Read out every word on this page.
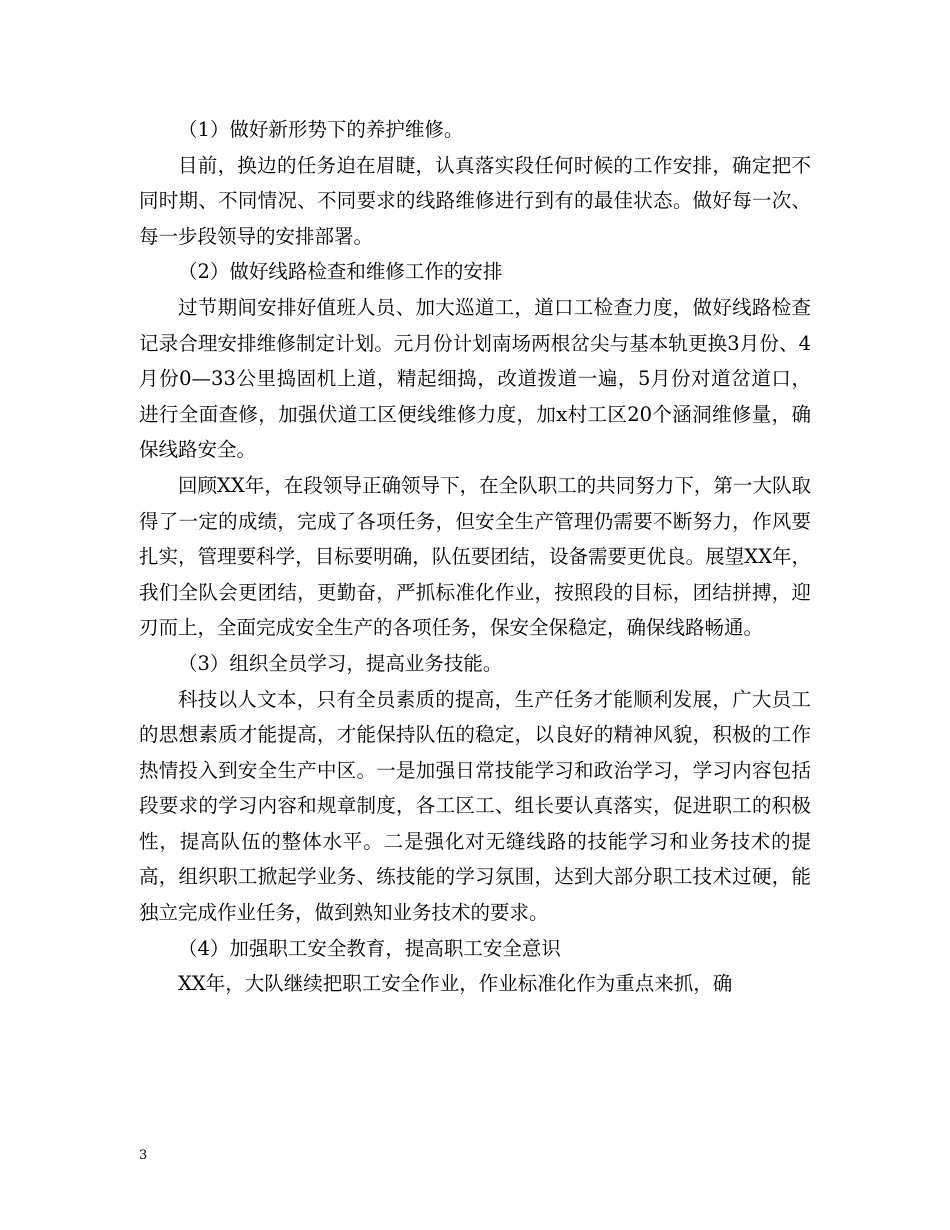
（1）做好新形势下的养护维修。

目前，换边的任务迫在眉睫，认真落实段任何时候的工作安排，确定把不同时期、不同情况、不同要求的线路维修进行到有的最佳状态。做好每一次、每一步段领导的安排部署。

（2）做好线路检查和维修工作的安排

过节期间安排好值班人员、加大巡道工，道口工检查力度，做好线路检查记录合理安排维修制定计划。元月份计划南场两根岔尖与基本轨更换3月份、4月份0—33公里捣固机上道，精起细捣，改道拨道一遍，5月份对道岔道口，进行全面查修，加强伏道工区便线维修力度，加x村工区20个涵洞维修量，确保线路安全。

回顾XX年，在段领导正确领导下，在全队职工的共同努力下，第一大队取得了一定的成绩，完成了各项任务，但安全生产管理仍需要不断努力，作风要扎实，管理要科学，目标要明确，队伍要团结，设备需要更优良。展望XX年，我们全队会更团结，更勤奋，严抓标准化作业，按照段的目标，团结拼搏，迎刃而上，全面完成安全生产的各项任务，保安全保稳定，确保线路畅通。

（3）组织全员学习，提高业务技能。

科技以人文本，只有全员素质的提高，生产任务才能顺利发展，广大员工的思想素质才能提高，才能保持队伍的稳定，以良好的精神风貌，积极的工作热情投入到安全生产中区。一是加强日常技能学习和政治学习，学习内容包括段要求的学习内容和规章制度，各工区工、组长要认真落实，促进职工的积极性，提高队伍的整体水平。二是强化对无缝线路的技能学习和业务技术的提高，组织职工掀起学业务、练技能的学习氛围，达到大部分职工技术过硬，能独立完成作业任务，做到熟知业务技术的要求。

（4）加强职工安全教育，提高职工安全意识

XX年，大队继续把职工安全作业，作业标准化作为重点来抓，确

3
